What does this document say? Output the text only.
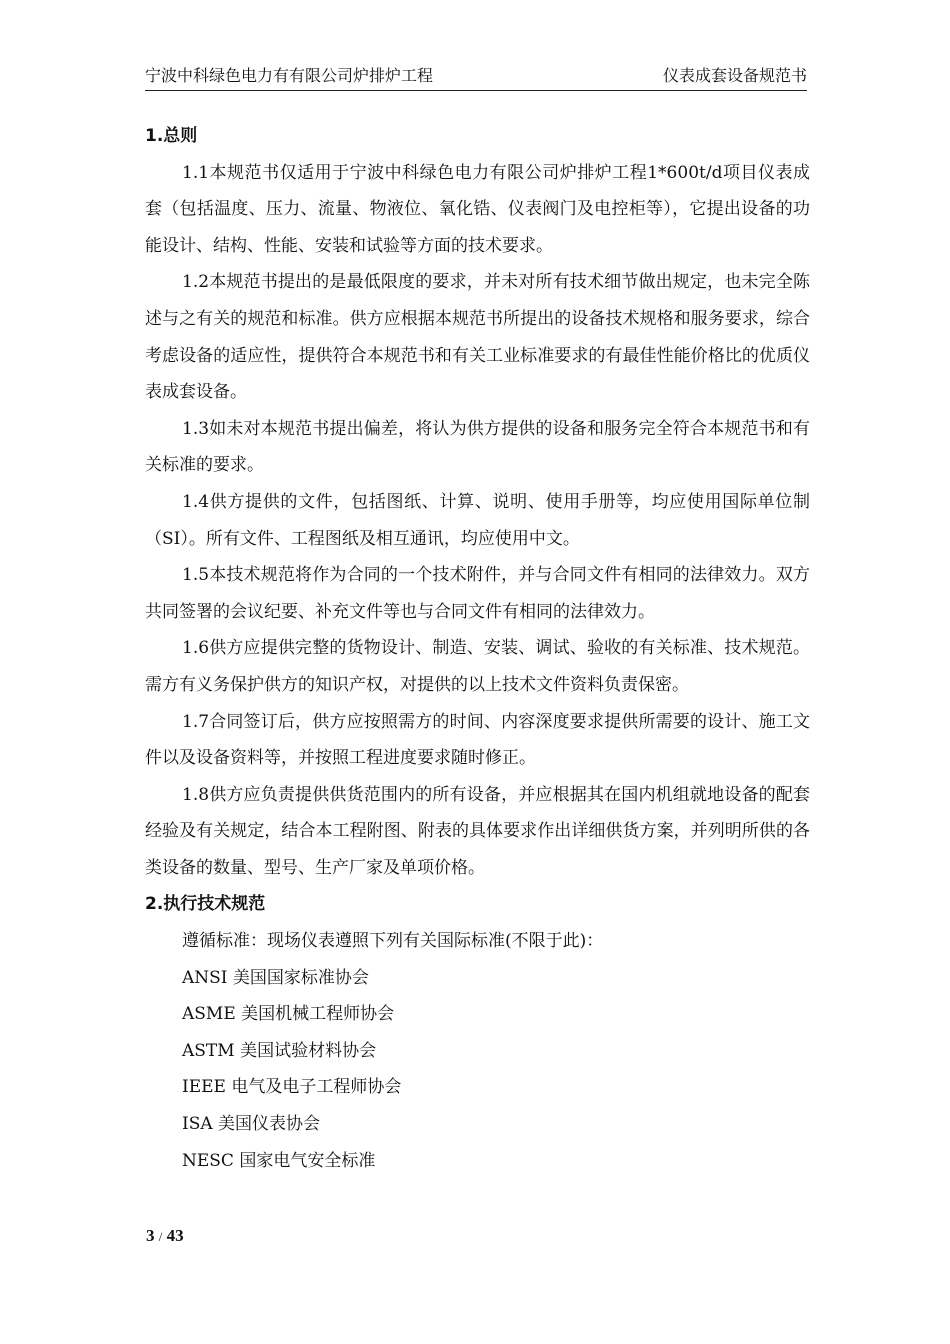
宁波中科绿色电力有有限公司炉排炉工程	仪表成套设备规范书
1.总则

1.1本规范书仅适用于宁波中科绿色电力有限公司炉排炉工程1*600t/d项目仪表成套（包括温度、压力、流量、物液位、氧化锆、仪表阀门及电控柜等），它提出设备的功能设计、结构、性能、安装和试验等方面的技术要求。

1.2本规范书提出的是最低限度的要求，并未对所有技术细节做出规定，也未完全陈述与之有关的规范和标准。供方应根据本规范书所提出的设备技术规格和服务要求，综合考虑设备的适应性，提供符合本规范书和有关工业标准要求的有最佳性能价格比的优质仪表成套设备。

1.3如未对本规范书提出偏差，将认为供方提供的设备和服务完全符合本规范书和有关标准的要求。

1.4供方提供的文件，包括图纸、计算、说明、使用手册等，均应使用国际单位制（SI）。所有文件、工程图纸及相互通讯，均应使用中文。

1.5本技术规范将作为合同的一个技术附件，并与合同文件有相同的法律效力。双方共同签署的会议纪要、补充文件等也与合同文件有相同的法律效力。

1.6供方应提供完整的货物设计、制造、安装、调试、验收的有关标准、技术规范。需方有义务保护供方的知识产权，对提供的以上技术文件资料负责保密。

1.7合同签订后，供方应按照需方的时间、内容深度要求提供所需要的设计、施工文件以及设备资料等，并按照工程进度要求随时修正。

1.8供方应负责提供供货范围内的所有设备，并应根据其在国内机组就地设备的配套经验及有关规定，结合本工程附图、附表的具体要求作出详细供货方案，并列明所供的各类设备的数量、型号、生产厂家及单项价格。

2.执行技术规范

遵循标准：现场仪表遵照下列有关国际标准(不限于此)：

ANSI 美国国家标准协会

ASME 美国机械工程师协会

ASTM 美国试验材料协会

IEEE 电气及电子工程师协会

ISA 美国仪表协会

NESC 国家电气安全标准

3 / 43
